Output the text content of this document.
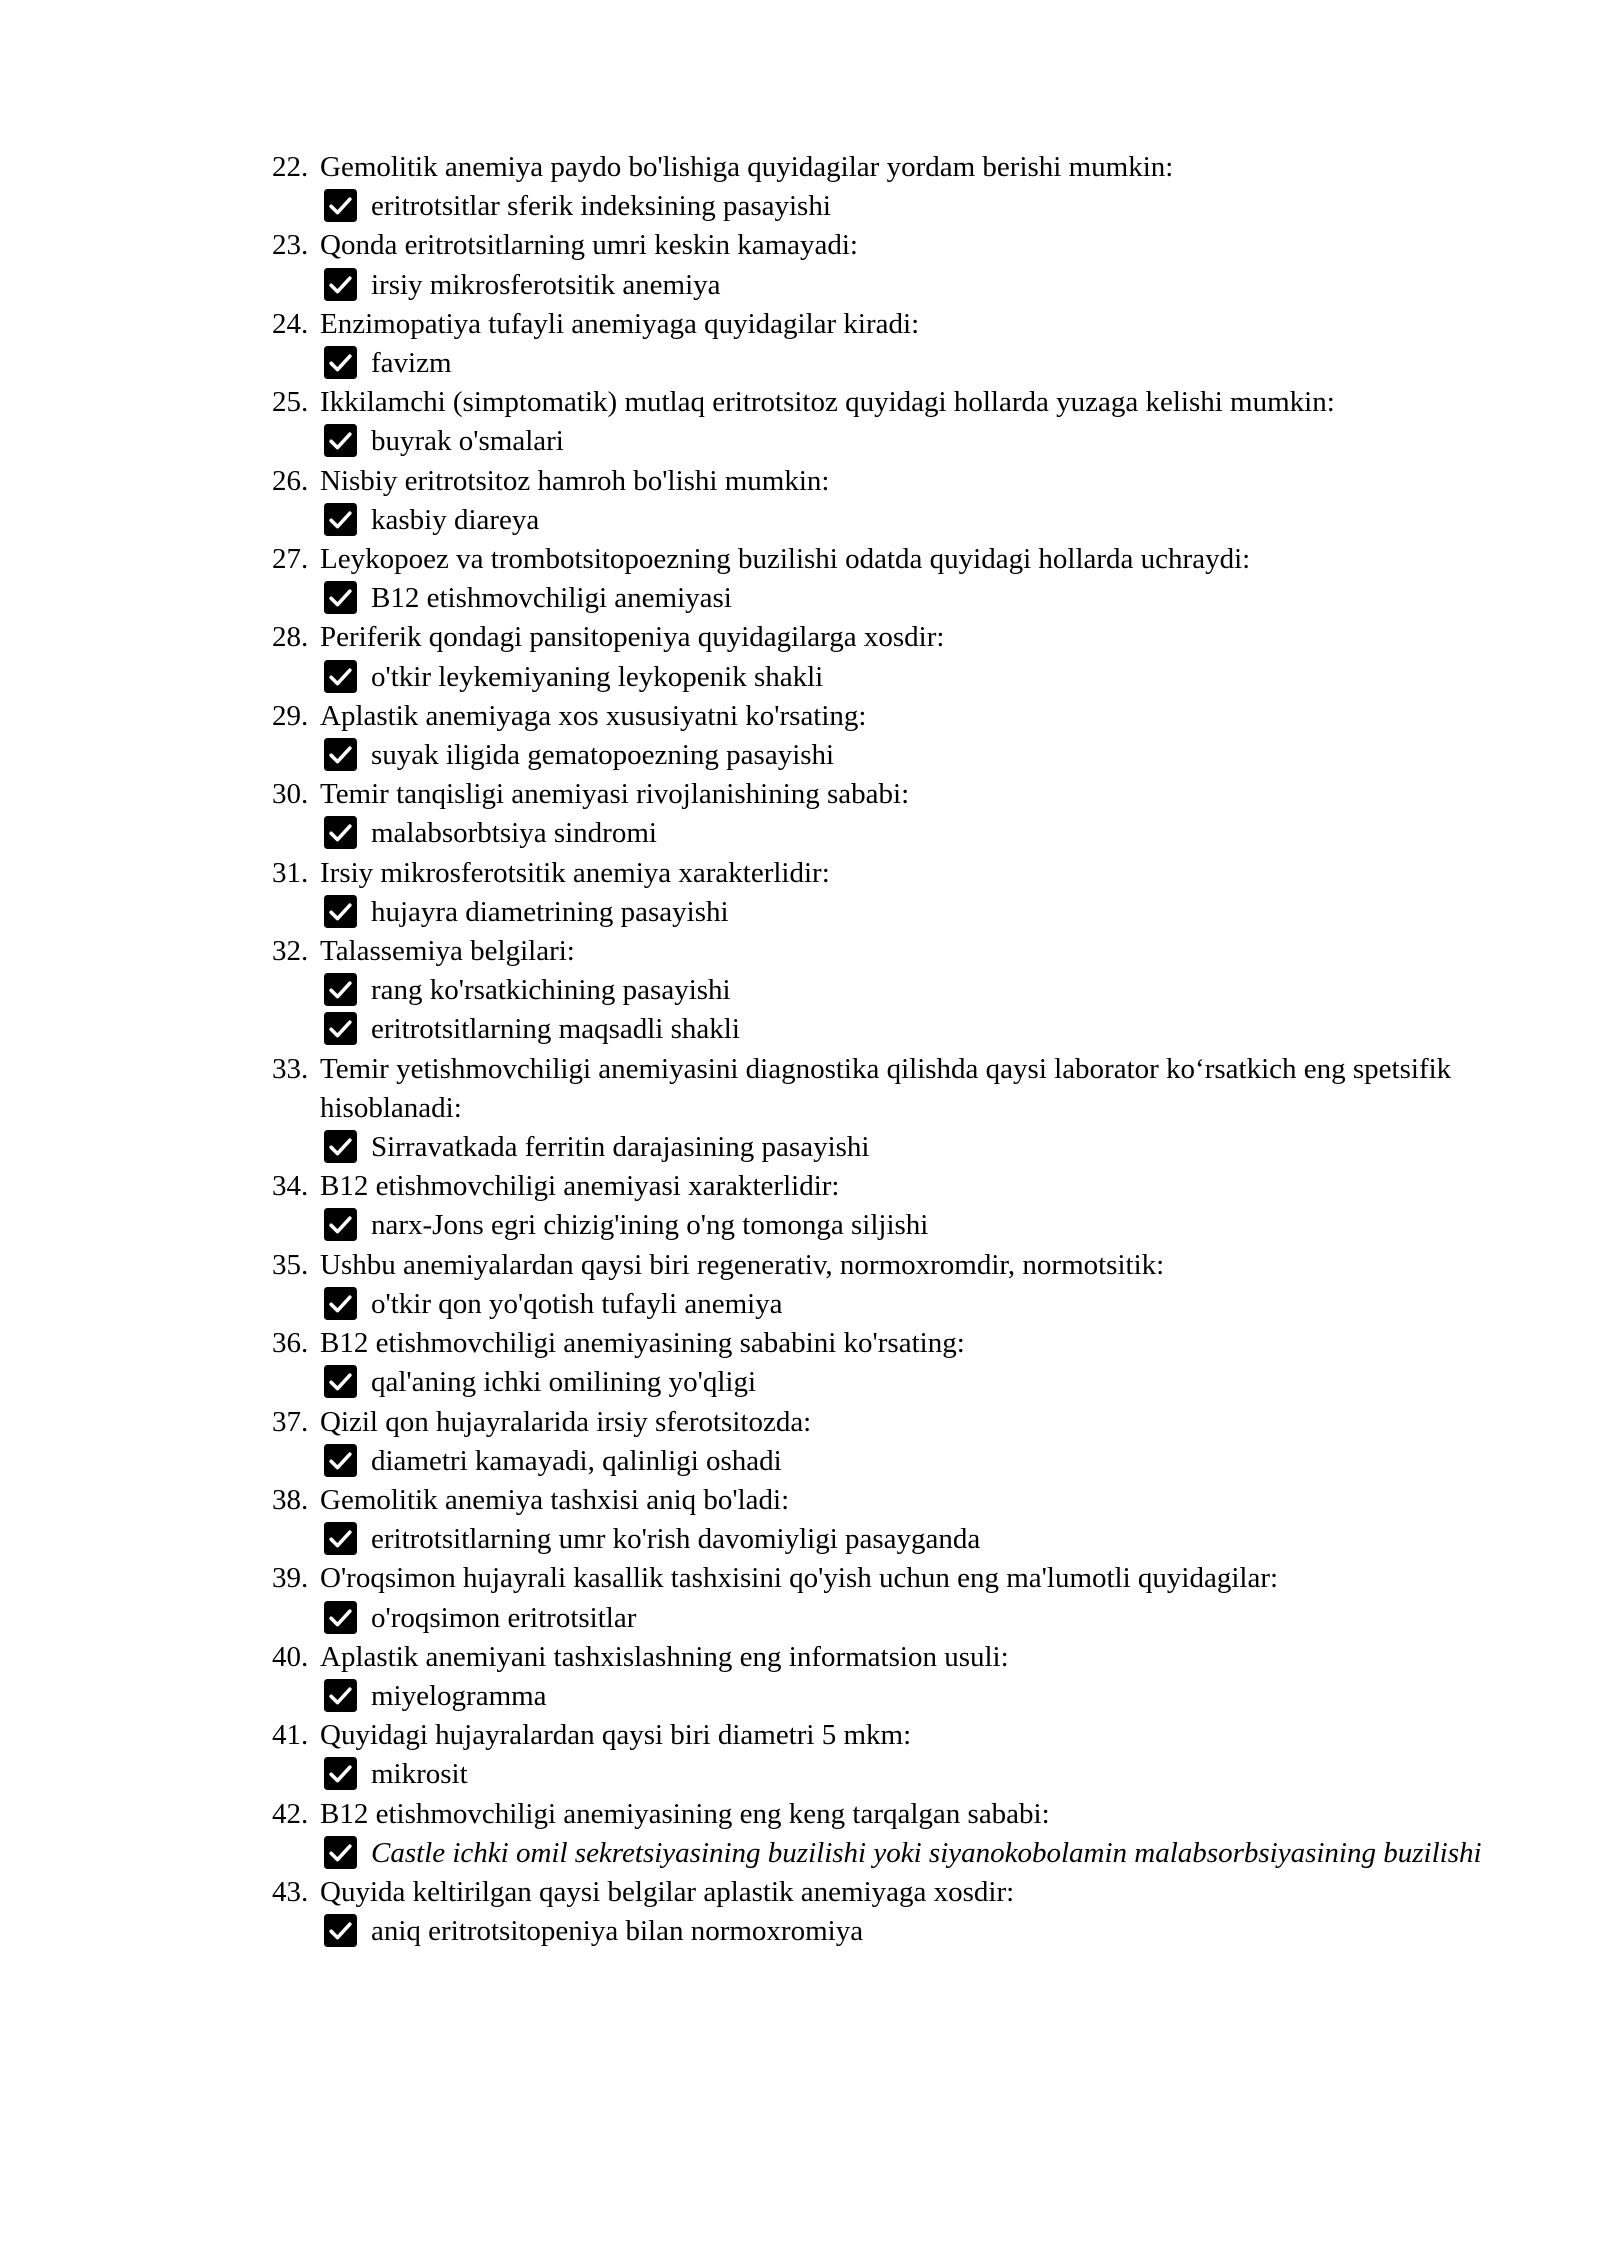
22. Gemolitik anemiya paydo bo'lishiga quyidagilar yordam berishi mumkin:
eritrotsitlar sferik indeksining pasayishi
23. Qonda eritrotsitlarning umri keskin kamayadi:
irsiy mikrosferotsitik anemiya
24. Enzimopatiya tufayli anemiyaga quyidagilar kiradi:
favizm
25. Ikkilamchi (simptomatik) mutlaq eritrotsitoz quyidagi hollarda yuzaga kelishi mumkin:
buyrak o'smalari
26. Nisbiy eritrotsitoz hamroh bo'lishi mumkin:
kasbiy diareya
27. Leykopoez va trombotsitopoezning buzilishi odatda quyidagi hollarda uchraydi:
B12 etishmovchiligi anemiyasi
28. Periferik qondagi pansitopeniya quyidagilarga xosdir:
o'tkir leykemiyaning leykopenik shakli
29. Aplastik anemiyaga xos xususiyatni ko'rsating:
suyak iligida gematopoezning pasayishi
30. Temir tanqisligi anemiyasi rivojlanishining sababi:
malabsorbtsiya sindromi
31. Irsiy mikrosferotsitik anemiya xarakterlidir:
hujayra diametrining pasayishi
32. Talassemiya belgilari:
rang ko'rsatkichining pasayishi
eritrotsitlarning maqsadli shakli
33. Temir yetishmovchiligi anemiyasini diagnostika qilishda qaysi laborator ko‘rsatkich eng spetsifik hisoblanadi:
Sirravatkada ferritin darajasining pasayishi
34. B12 etishmovchiligi anemiyasi xarakterlidir:
narx-Jons egri chizig'ining o'ng tomonga siljishi
35. Ushbu anemiyalardan qaysi biri regenerativ, normoxromdir, normotsitik:
o'tkir qon yo'qotish tufayli anemiya
36. B12 etishmovchiligi anemiyasining sababini ko'rsating:
qal'aning ichki omilining yo'qligi
37. Qizil qon hujayralarida irsiy sferotsitozda:
diametri kamayadi, qalinligi oshadi
38. Gemolitik anemiya tashxisi aniq bo'ladi:
eritrotsitlarning umr ko'rish davomiyligi pasayganda
39. O'roqsimon hujayrali kasallik tashxisini qo'yish uchun eng ma'lumotli quyidagilar:
o'roqsimon eritrotsitlar
40. Aplastik anemiyani tashxislashning eng informatsion usuli:
miyelogramma
41. Quyidagi hujayralardan qaysi biri diametri 5 mkm:
mikrosit
42. B12 etishmovchiligi anemiyasining eng keng tarqalgan sababi:
Castle ichki omil sekretsiyasining buzilishi yoki siyanokobolamin malabsorbsiyasining buzilishi
43. Quyida keltirilgan qaysi belgilar aplastik anemiyaga xosdir:
aniq eritrotsitopeniya bilan normoxromiya
